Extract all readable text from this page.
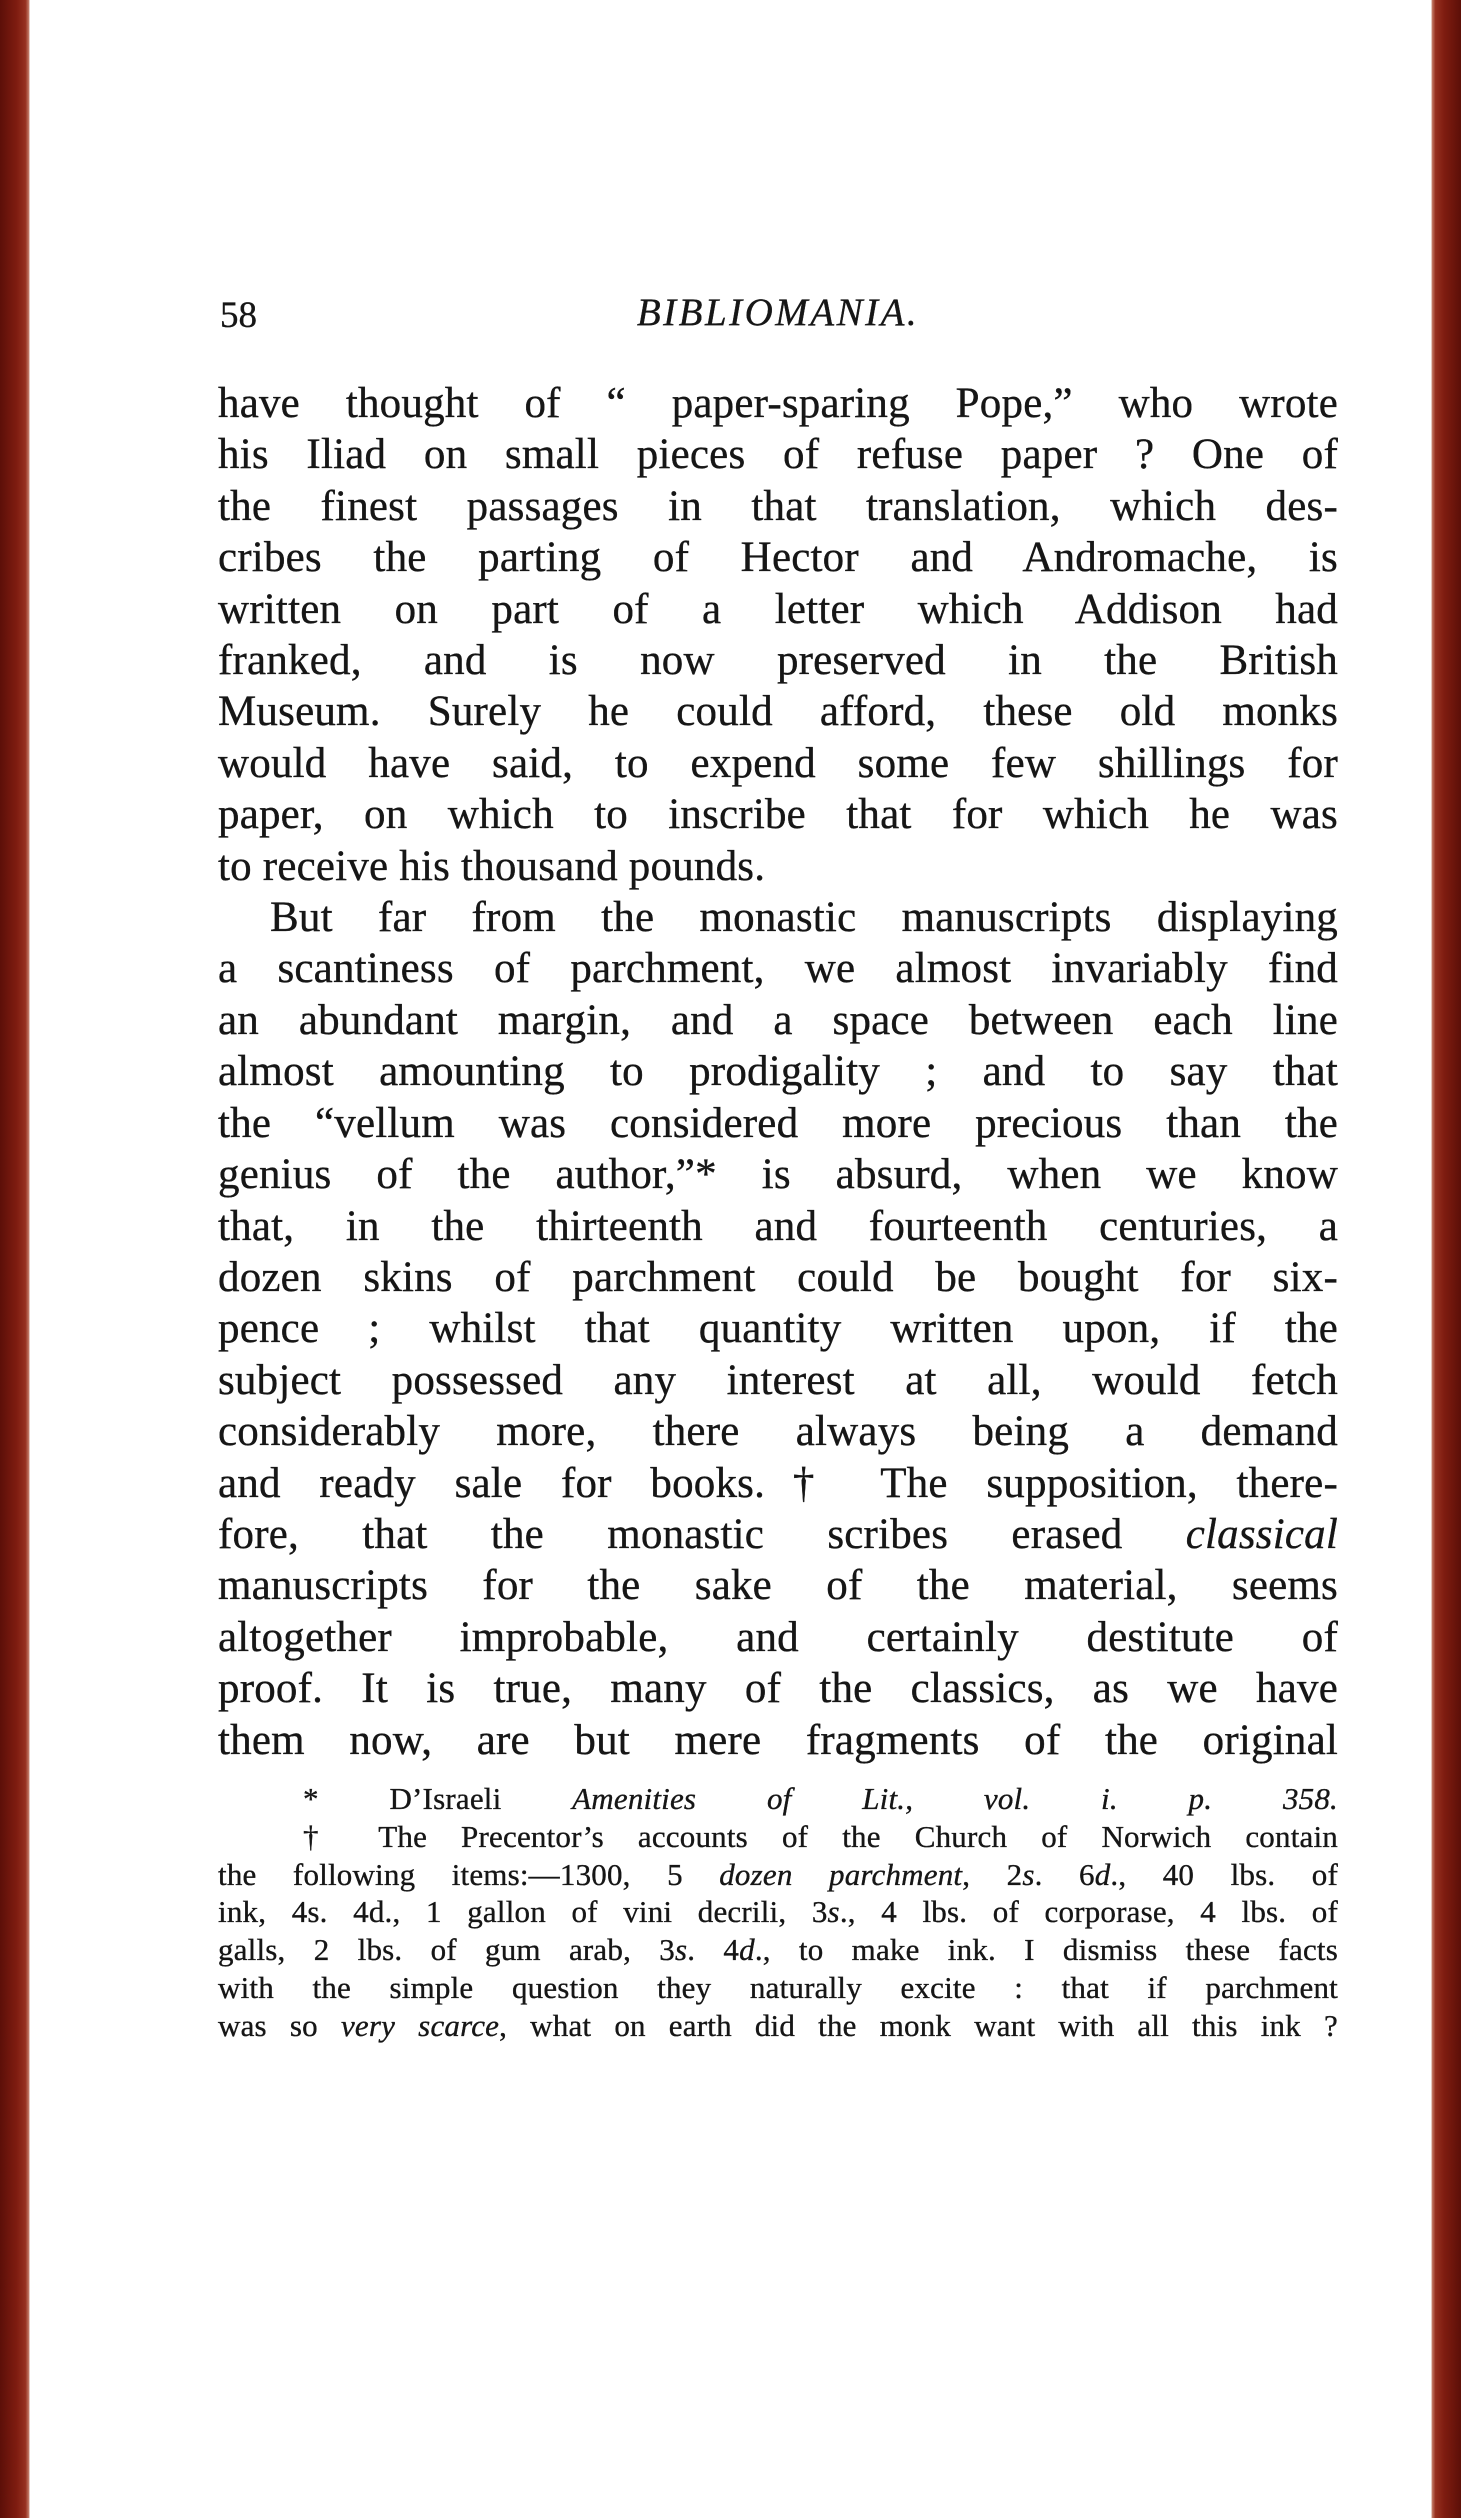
58	BIBLIOMANIA.
have thought of “ paper-sparing Pope,” who wrote
his Iliad on small pieces of refuse paper ? One of
the finest passages in that translation, which des-
cribes the parting of Hector and Andromache, is
written on part of a letter which Addison had
franked, and is now preserved in the British
Museum. Surely he could afford, these old monks
would have said, to expend some few shillings for
paper, on which to inscribe that for which he was
to receive his thousand pounds.
But far from the monastic manuscripts displaying
a scantiness of parchment, we almost invariably find
an abundant margin, and a space between each line
almost amounting to prodigality ; and to say that
the “vellum was considered more precious than the
genius of the author,”* is absurd, when we know
that, in the thirteenth and fourteenth centuries, a
dozen skins of parchment could be bought for six-
pence ; whilst that quantity written upon, if the
subject possessed any interest at all, would fetch
considerably more, there always being a demand
and ready sale for books.† The supposition, there-
fore, that the monastic scribes erased classical
manuscripts for the sake of the material, seems
altogether improbable, and certainly destitute of
proof. It is true, many of the classics, as we have
them now, are but mere fragments of the original
* D’Israeli Amenities of Lit., vol. i. p. 358.
† The Precentor’s accounts of the Church of Norwich contain
the following items:—1300, 5 dozen parchment, 2s. 6d., 40 lbs. of
ink, 4s. 4d., 1 gallon of vini decrili, 3s., 4 lbs. of corporase, 4 lbs. of
galls, 2 lbs. of gum arab, 3s. 4d., to make ink. I dismiss these facts
with the simple question they naturally excite : that if parchment
was so very scarce, what on earth did the monk want with all this ink ?
